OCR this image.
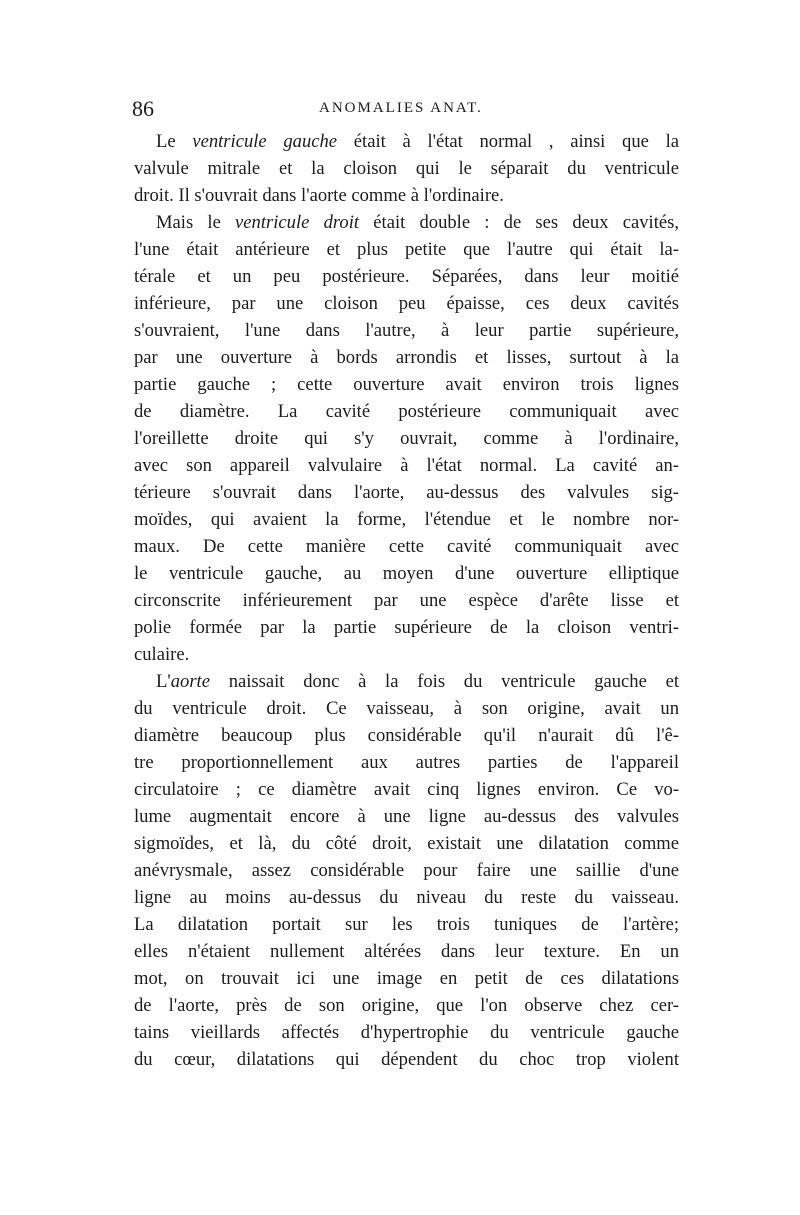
86	ANOMALIES ANAT.
Le ventricule gauche était à l'état normal , ainsi que la
valvule mitrale et la cloison qui le séparait du ventricule
droit. Il s'ouvrait dans l'aorte comme à l'ordinaire.
Mais le ventricule droit était double : de ses deux cavités,
l'une était antérieure et plus petite que l'autre qui était la-
térale et un peu postérieure. Séparées, dans leur moitié
inférieure, par une cloison peu épaisse, ces deux cavités
s'ouvraient, l'une dans l'autre, à leur partie supérieure,
par une ouverture à bords arrondis et lisses, surtout à la
partie gauche ; cette ouverture avait environ trois lignes
de diamètre. La cavité postérieure communiquait avec
l'oreillette droite qui s'y ouvrait, comme à l'ordinaire,
avec son appareil valvulaire à l'état normal. La cavité an-
térieure s'ouvrait dans l'aorte, au-dessus des valvules sig-
moïdes, qui avaient la forme, l'étendue et le nombre nor-
maux. De cette manière cette cavité communiquait avec
le ventricule gauche, au moyen d'une ouverture elliptique
circonscrite inférieurement par une espèce d'arête lisse et
polie formée par la partie supérieure de la cloison ventri-
culaire.
L'aorte naissait donc à la fois du ventricule gauche et
du ventricule droit. Ce vaisseau, à son origine, avait un
diamètre beaucoup plus considérable qu'il n'aurait dû l'ê-
tre proportionnellement aux autres parties de l'appareil
circulatoire ; ce diamètre avait cinq lignes environ. Ce vo-
lume augmentait encore à une ligne au-dessus des valvules
sigmoïdes, et là, du côté droit, existait une dilatation comme
anévrysmale, assez considérable pour faire une saillie d'une
ligne au moins au-dessus du niveau du reste du vaisseau.
La dilatation portait sur les trois tuniques de l'artère;
elles n'étaient nullement altérées dans leur texture. En un
mot, on trouvait ici une image en petit de ces dilatations
de l'aorte, près de son origine, que l'on observe chez cer-
tains vieillards affectés d'hypertrophie du ventricule gauche
du cœur, dilatations qui dépendent du choc trop violent
